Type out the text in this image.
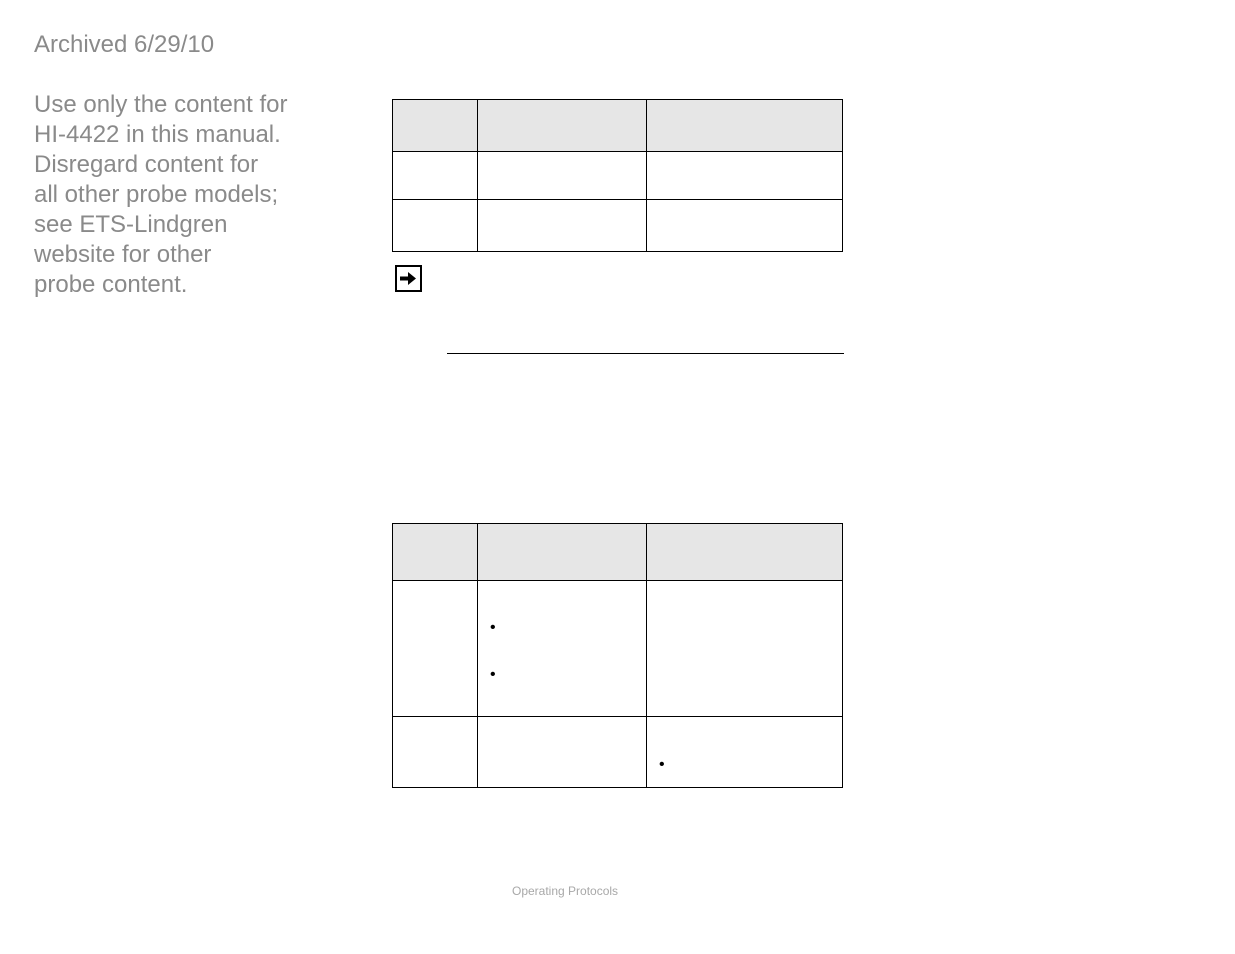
Archived 6/29/10
Use only the content for
HI-4422 in this manual.
Disregard content for
all other probe models;
see ETS-Lindgren
website for other
probe content.

•
•
•
Operating Protocols
